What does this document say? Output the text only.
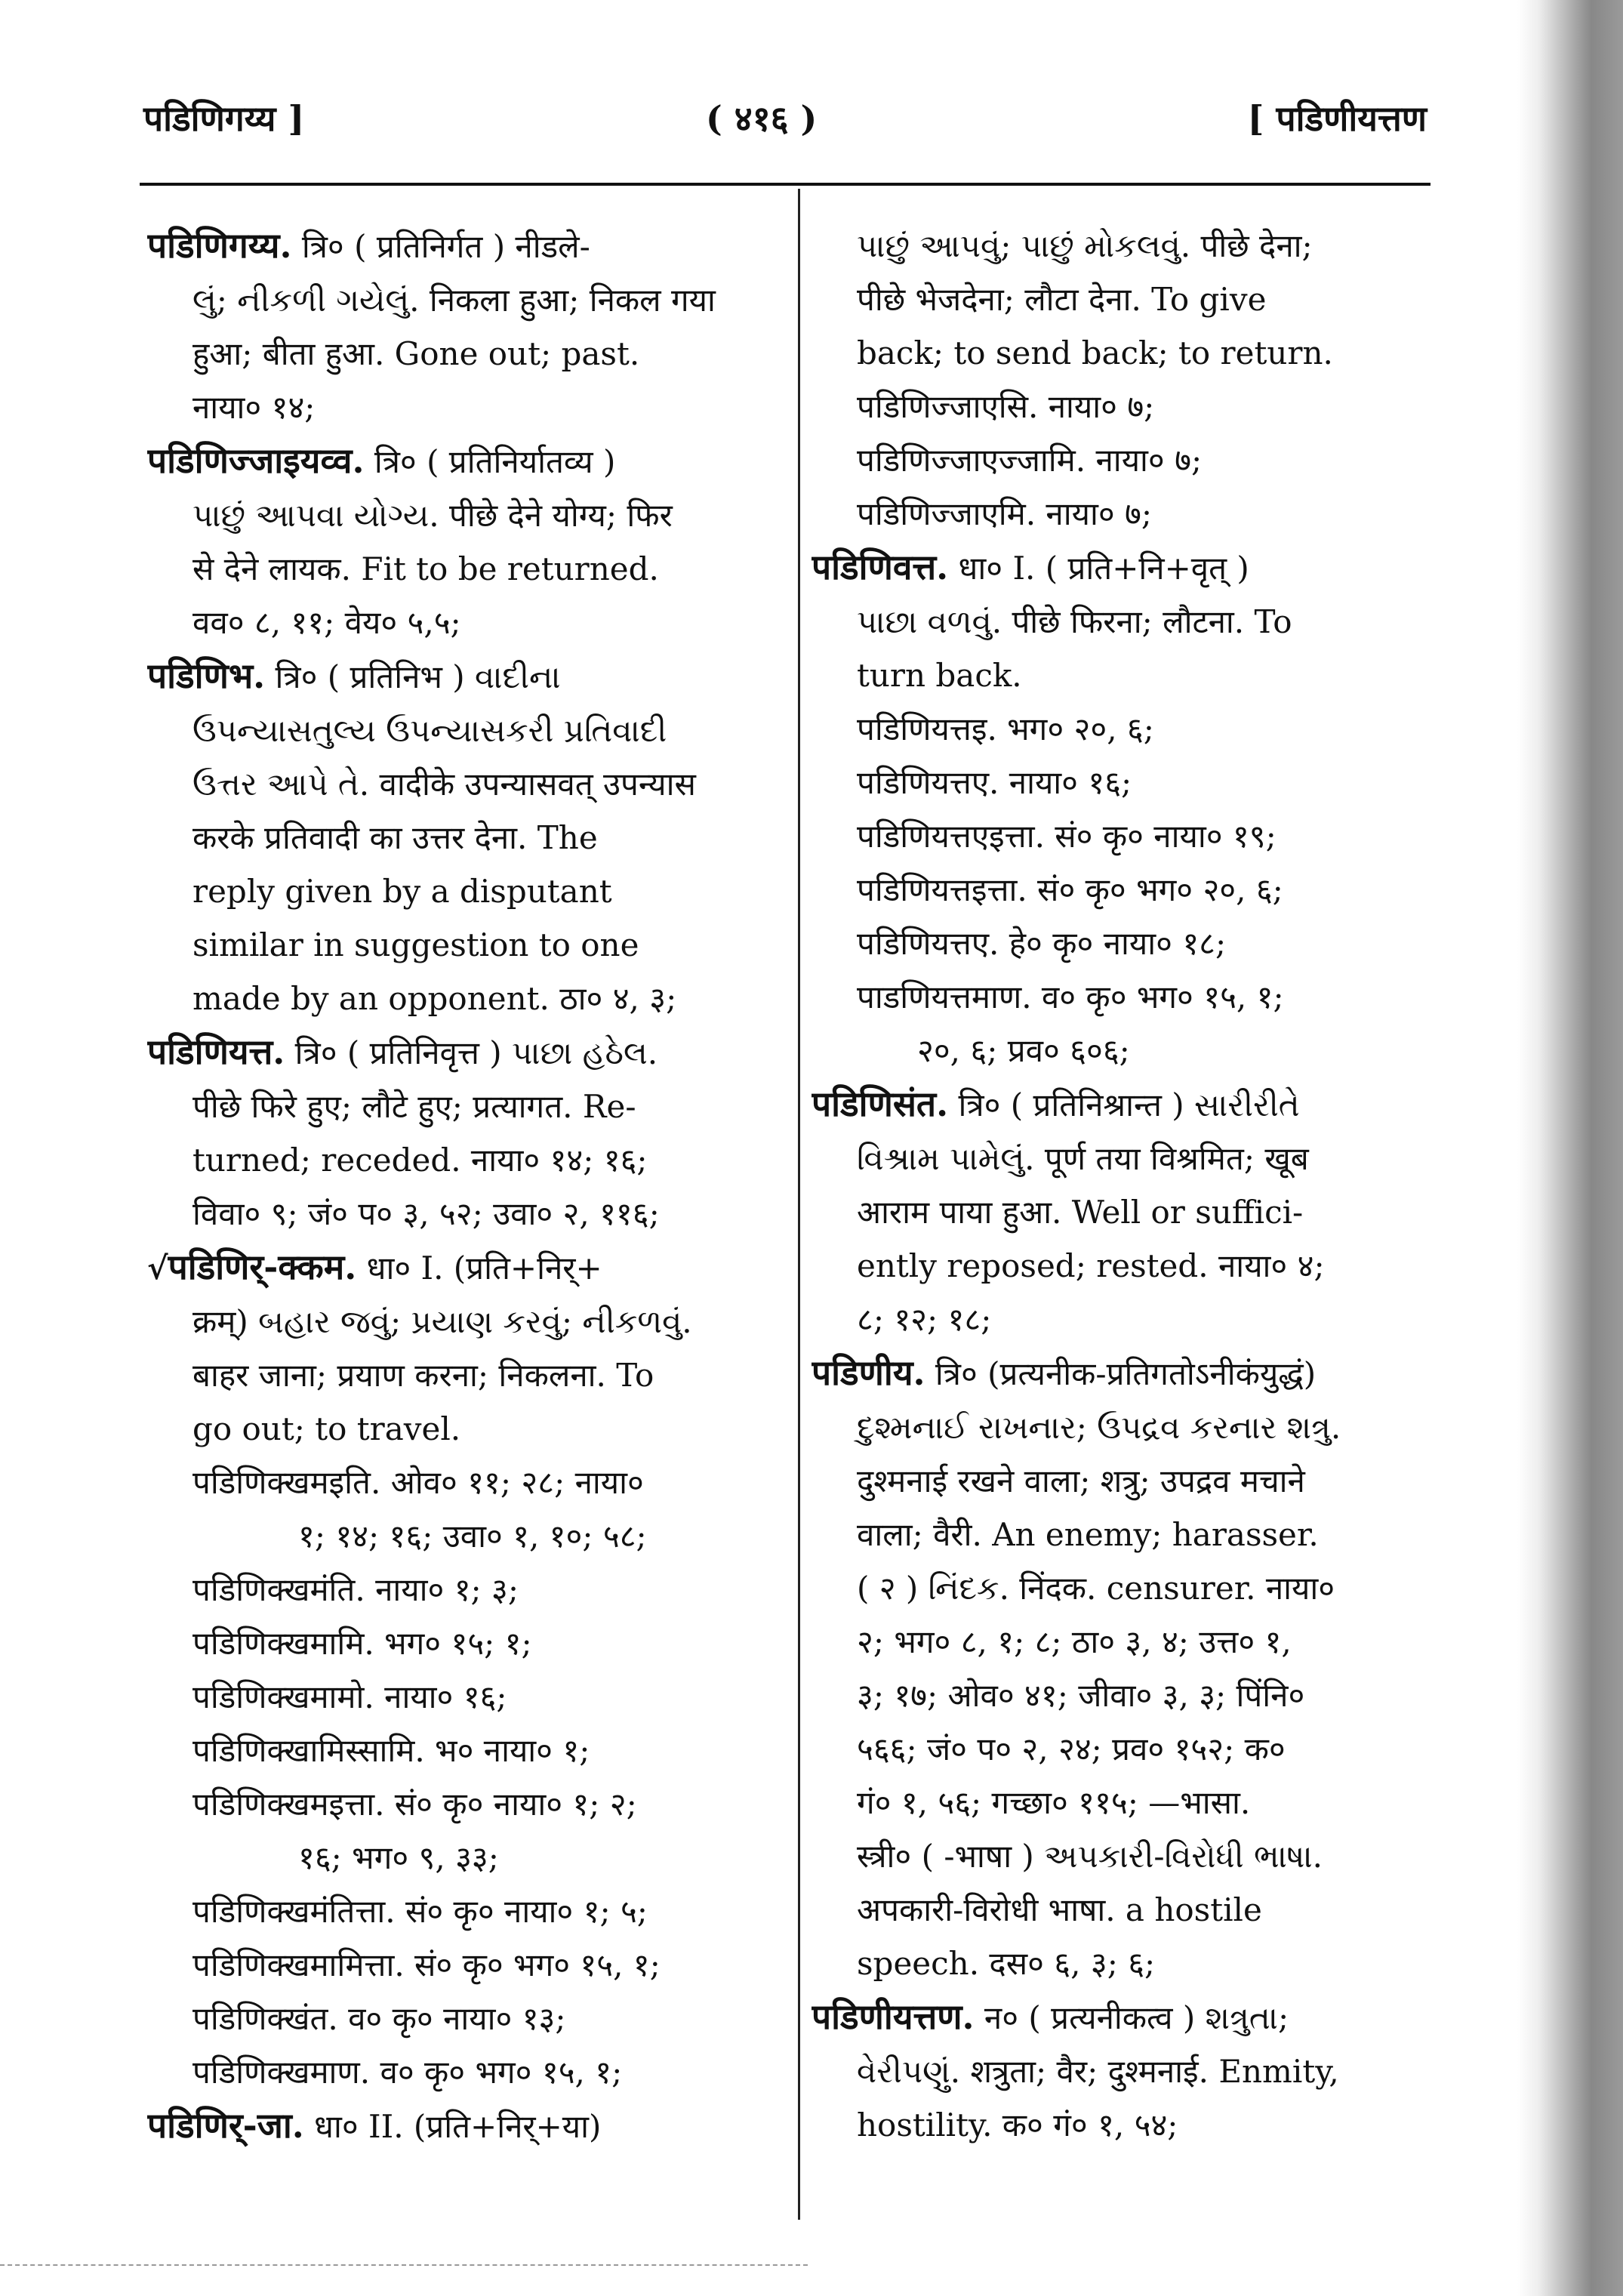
पडिणिगय्य ]	( ४१६ )	[ पडिणीयत्तण
पडिणिगय्य. त्रि० ( प्रतिनिर्गत ) नीडले-
લું; નીકળી ગયેલું. निकला हुआ; निकल गया
हुआ; बीता हुआ. Gone out; past.
नाया० १४;
पडिणिज्जाइयव्व. त्रि० ( प्रतिनिर्यातव्य )
પાછું આપવા યોગ્ય. पीछे देने योग्य; फिर
से देने लायक. Fit to be returned.
वव० ८, ११; वेय० ५,५;
पडिणिभ. त्रि० ( प्रतिनिभ ) વાદીના
ઉપન્યાસતુલ્ય ઉપન્યાસકરી પ્રતિવાદી
ઉત્તર આપે તે. वादीके उपन्यासवत् उपन्यास
करके प्रतिवादी का उत्तर देना. The
reply given by a disputant
similar in suggestion to one
made by an opponent. ठा० ४, ३;
पडिणियत्त. त्रि० ( प्रतिनिवृत्त ) પાછા હઠેલ.
पीछे फिरे हुए; लौटे हुए; प्रत्यागत. Re-
turned; receded. नाया० १४; १६;
विवा० ९; जं० प० ३, ५२; उवा० २, ११६;
√पडिणिर्-क्कम. धा० I. (प्रति+निर्+
क्रम्) બહાર જવું; પ્રયાણ કરવું; નીકળવું.
बाहर जाना; प्रयाण करना; निकलना. To
go out; to travel.
पडिणिक्खमइति. ओव० ११; २८; नाया०
१; १४; १६; उवा० १, १०; ५८;
पडिणिक्खमंति. नाया० १; ३;
पडिणिक्खमामि. भग० १५; १;
पडिणिक्खमामो. नाया० १६;
पडिणिक्खामिस्सामि. भ० नाया० १;
पडिणिक्खमइत्ता. सं० कृ० नाया० १; २;
१६; भग० ९, ३३;
पडिणिक्खमंतित्ता. सं० कृ० नाया० १; ५;
पडिणिक्खमामित्ता. सं० कृ० भग० १५, १;
पडिणिक्खंत. व० कृ० नाया० १३;
पडिणिक्खमाण. व० कृ० भग० १५, १;
पडिणिर्-जा. धा० II. (प्रति+निर्+या)
પાછું આપવું; પાછું મોકલવું. पीछे देना;
पीछे भेजदेना; लौटा देना. To give
back; to send back; to return.
पडिणिज्जाएसि. नाया० ७;
पडिणिज्जाएज्जामि. नाया० ७;
पडिणिज्जाएमि. नाया० ७;
पडिणिवत्त. धा० I. ( प्रति+नि+वृत् )
પાછા વળવું. पीछे फिरना; लौटना. To
turn back.
पडिणियत्तइ. भग० २०, ६;
पडिणियत्तए. नाया० १६;
पडिणियत्तएइत्ता. सं० कृ० नाया० १९;
पडिणियत्तइत्ता. सं० कृ० भग० २०, ६;
पडिणियत्तए. हे० कृ० नाया० १८;
पाडणियत्तमाण. व० कृ० भग० १५, १;
२०, ६; प्रव० ६०६;
पडिणिसंत. त्रि० ( प्रतिनिश्रान्त ) સારીરીતે
વિશ્રામ પામેલું. पूर्ण तया विश्रमित; खूब
आराम पाया हुआ. Well or suffici-
ently reposed; rested. नाया० ४;
८; १२; १८;
पडिणीय. त्रि० (प्रत्यनीक-प्रतिगतोऽनीकंयुद्धं)
દુશ્મનાઈ રાખનાર; ઉપદ્રવ કરનાર શત્રુ.
दुश्मनाई रखने वाला; शत्रु; उपद्रव मचाने
वाला; वैरी. An enemy; harasser.
( २ ) નિંદક. निंदक. censurer. नाया०
२; भग० ८, १; ८; ठा० ३, ४; उत्त० १,
३; १७; ओव० ४१; जीवा० ३, ३; पिंनि०
५६६; जं० प० २, २४; प्रव० १५२; क०
गं० १, ५६; गच्छा० ११५; —भासा.
स्त्री० ( -भाषा ) અપકારી-વિરોધી ભાષા.
अपकारी-विरोधी भाषा. a hostile
speech. दस० ६, ३; ६;
पडिणीयत्तण. न० ( प्रत्यनीकत्व ) શત્રુતા;
વેરીપણું. शत्रुता; वैर; दुश्मनाई. Enmity,
hostility. क० गं० १, ५४;
